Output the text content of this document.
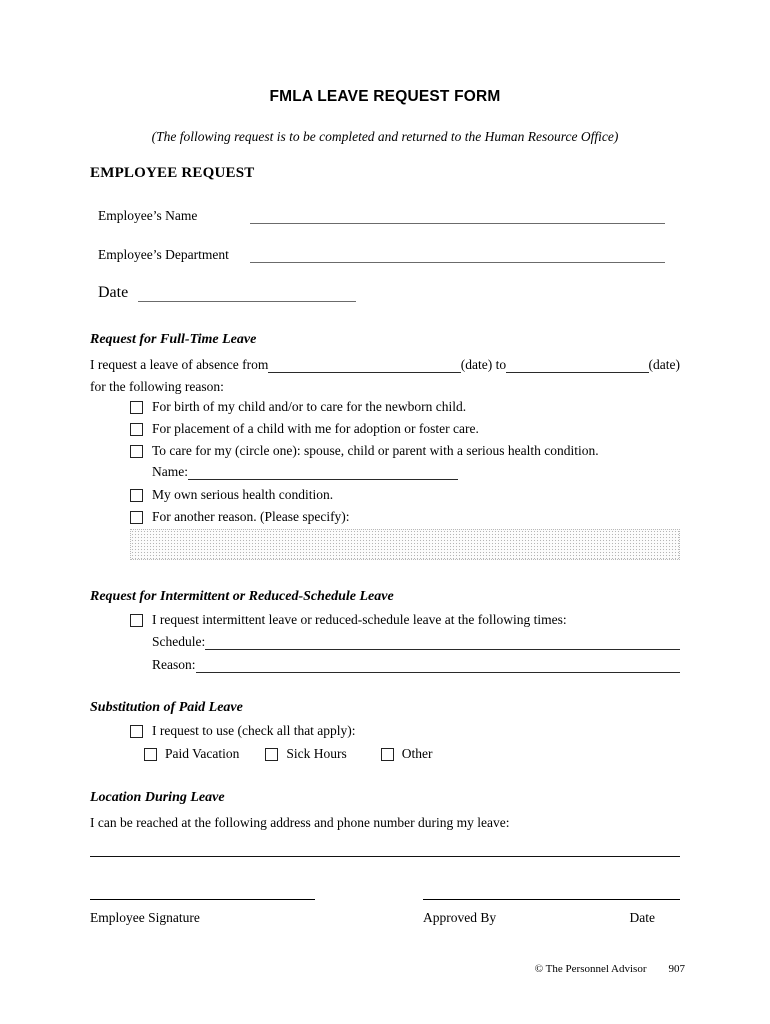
FMLA LEAVE REQUEST FORM
(The following request is to be completed and returned to the Human Resource Office)
EMPLOYEE REQUEST
Employee’s Name
Employee’s Department
Date
Request for Full-Time Leave
I request a leave of absence from	(date) to	(date)
for the following reason:
For birth of my child and/or to care for the newborn child.
For placement of a child with me for adoption or foster care.
To care for my (circle one): spouse, child or parent with a serious health condition.
Name:
My own serious health condition.
For another reason. (Please specify):
Request for Intermittent or Reduced-Schedule Leave
I request intermittent leave or reduced-schedule leave at the following times:
Schedule:
Reason:
Substitution of Paid Leave
I request to use (check all that apply):
Paid Vacation	Sick Hours	Other
Location During Leave
I can be reached at the following address and phone number during my leave:
Employee Signature	Approved By	Date
© The Personnel Advisor 907
